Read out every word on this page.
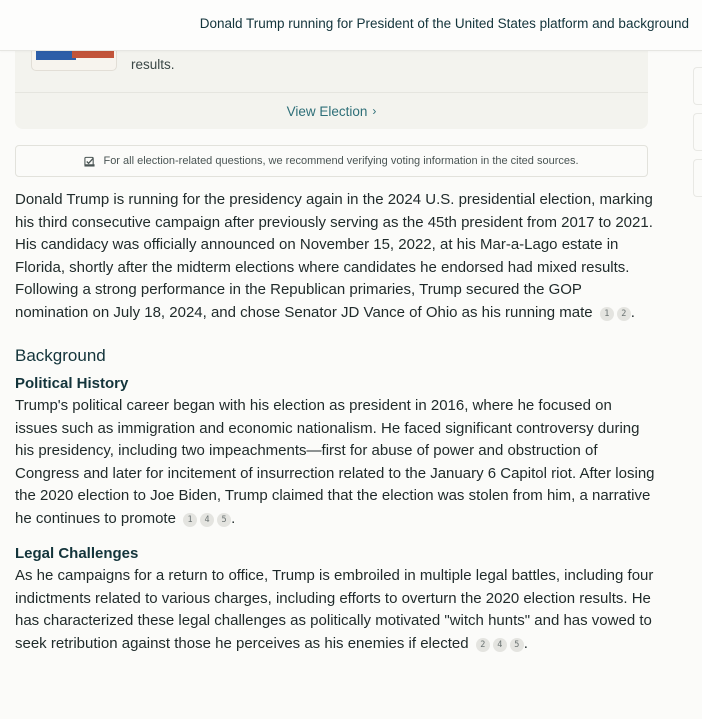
results.
View Election ›
Donald Trump running for President of the United States platform and background
For all election-related questions, we recommend verifying voting information in the cited sources.

Donald Trump is running for the presidency again in the 2024 U.S. presidential election, marking his third consecutive campaign after previously serving as the 45th president from 2017 to 2021. His candidacy was officially announced on November 15, 2022, at his Mar-a-Lago estate in Florida, shortly after the midterm elections where candidates he endorsed had mixed results. Following a strong performance in the Republican primaries, Trump secured the GOP nomination on July 18, 2024, and chose Senator JD Vance of Ohio as his running mate 1 2 .

Background
Political History

Trump's political career began with his election as president in 2016, where he focused on issues such as immigration and economic nationalism. He faced significant controversy during his presidency, including two impeachments—first for abuse of power and obstruction of Congress and later for incitement of insurrection related to the January 6 Capitol riot. After losing the 2020 election to Joe Biden, Trump claimed that the election was stolen from him, a narrative he continues to promote 1 4 5 .

Legal Challenges

As he campaigns for a return to office, Trump is embroiled in multiple legal battles, including four indictments related to various charges, including efforts to overturn the 2020 election results. He has characterized these legal challenges as politically motivated "witch hunts" and has vowed to seek retribution against those he perceives as his enemies if elected 2 4 5 .
